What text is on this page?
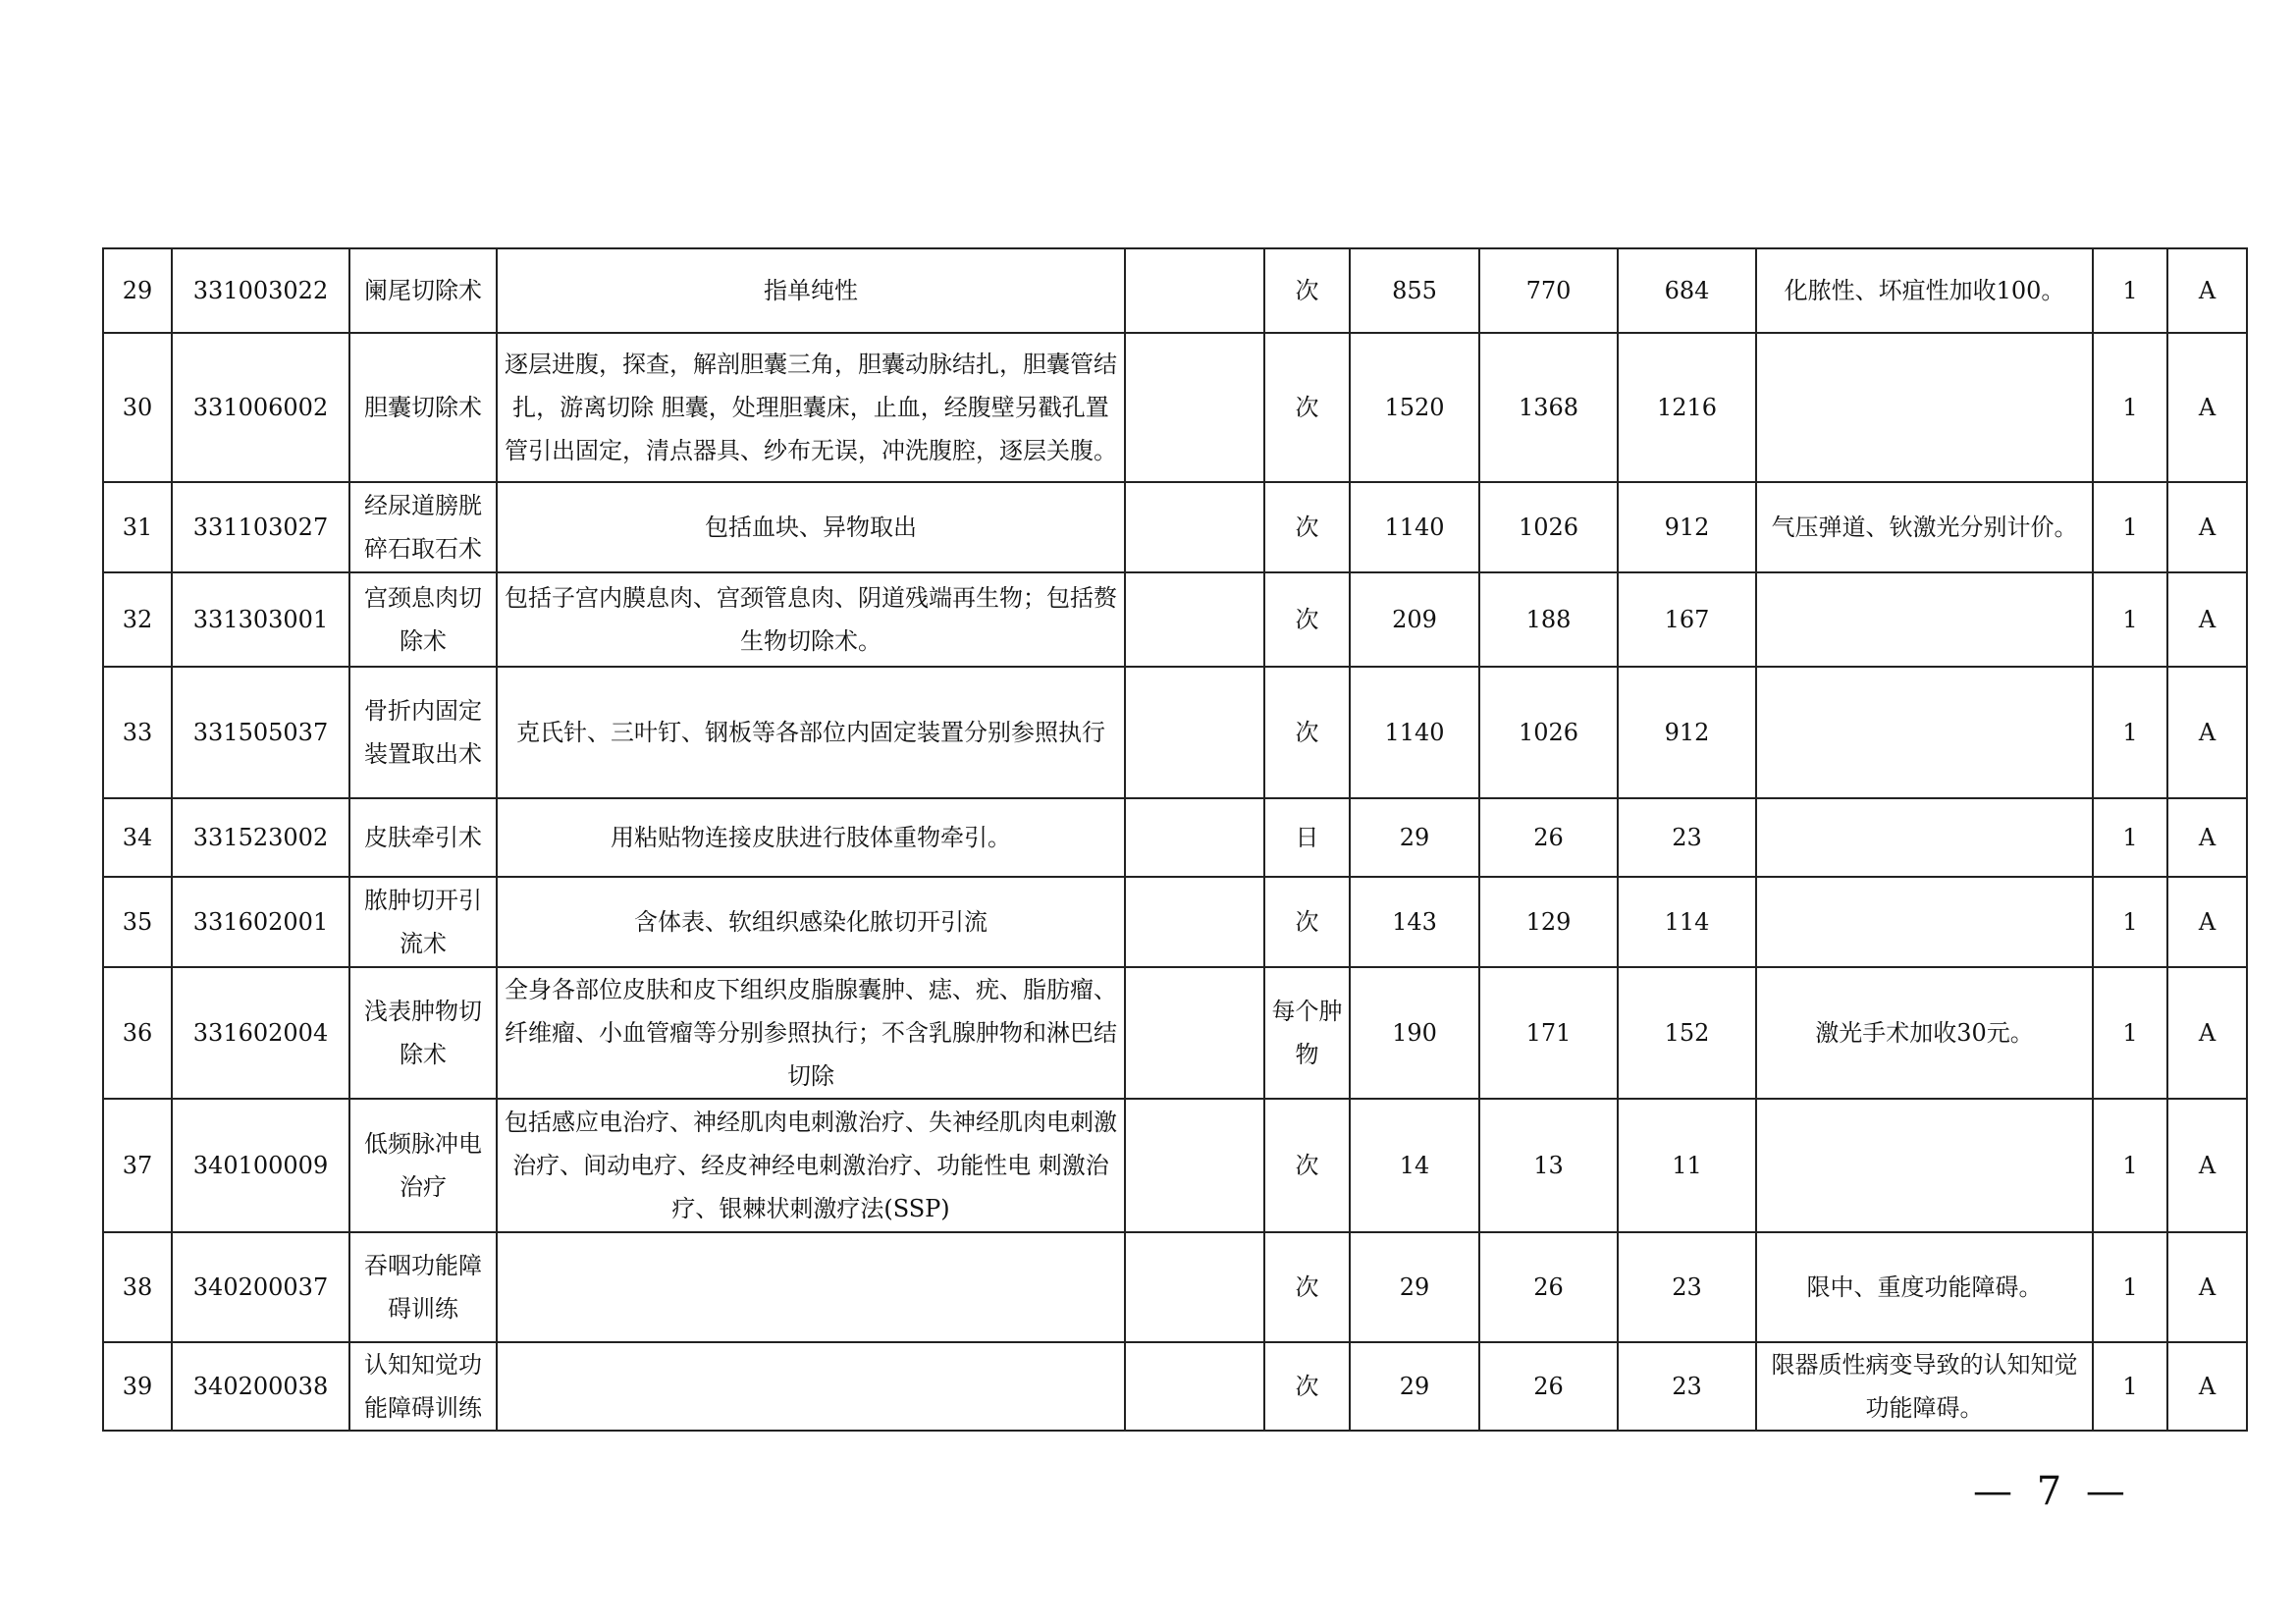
29	331003022	阑尾切除术	指单纯性		次	855	770	684	化脓性、坏疽性加收100。	1	A
30	331006002	胆囊切除术	逐层进腹，探查，解剖胆囊三角，胆囊动脉结扎，胆囊管结扎，游离切除 胆囊，处理胆囊床，止血，经腹壁另戳孔置管引出固定，清点器具、纱布无误，冲洗腹腔，逐层关腹。		次	1520	1368	1216		1	A
31	331103027	经尿道膀胱碎石取石术	包括血块、异物取出		次	1140	1026	912	气压弹道、钬激光分别计价。	1	A
32	331303001	宫颈息肉切除术	包括子宫内膜息肉、宫颈管息肉、阴道残端再生物；包括赘生物切除术。		次	209	188	167		1	A
33	331505037	骨折内固定装置取出术	克氏针、三叶钉、钢板等各部位内固定装置分别参照执行		次	1140	1026	912		1	A
34	331523002	皮肤牵引术	用粘贴物连接皮肤进行肢体重物牵引。		日	29	26	23		1	A
35	331602001	脓肿切开引流术	含体表、软组织感染化脓切开引流		次	143	129	114		1	A
36	331602004	浅表肿物切除术	全身各部位皮肤和皮下组织皮脂腺囊肿、痣、疣、脂肪瘤、纤维瘤、小血管瘤等分别参照执行；不含乳腺肿物和淋巴结切除		每个肿物	190	171	152	激光手术加收30元。	1	A
37	340100009	低频脉冲电治疗	包括感应电治疗、神经肌肉电刺激治疗、失神经肌肉电刺激治疗、间动电疗、经皮神经电刺激治疗、功能性电 刺激治疗、银棘状刺激疗法(SSP)		次	14	13	11		1	A
38	340200037	吞咽功能障碍训练			次	29	26	23	限中、重度功能障碍。	1	A
39	340200038	认知知觉功能障碍训练			次	29	26	23	限器质性病变导致的认知知觉功能障碍。	1	A
— 7 —
